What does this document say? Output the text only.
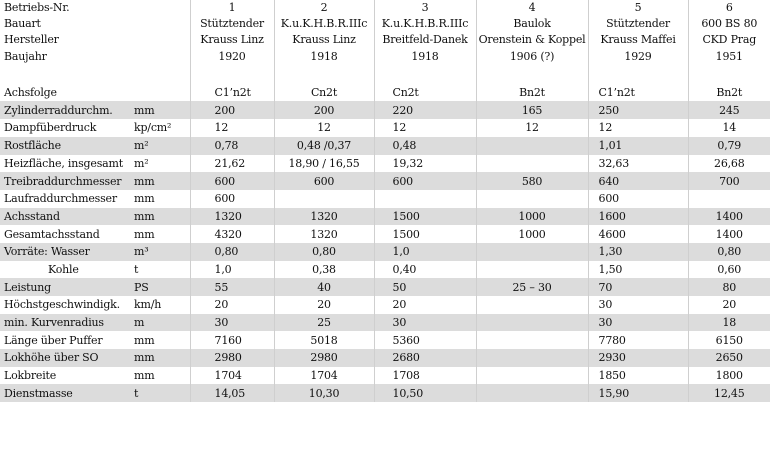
Betriebs-Nr.		1	2	3	4	5	6
Bauart		Stütztender	K.u.K.H.B.R.IIIc	K.u.K.H.B.R.IIIc	Baulok	Stütztender	600 BS 80
Hersteller		Krauss Linz	Krauss Linz	Breitfeld-Danek	Orenstein & Koppel	Krauss Maffei	CKD Prag
Baujahr		1920	1918	1918	1906 (?)	1929	1951

Achsfolge		C1’n2t	Cn2t	Cn2t	Bn2t	C1’n2t	Bn2t
Zylinderraddurchm.	mm	200	200	220	165	250	245
Dampfüberdruck	kp/cm²	12	12	12	12	12	14
Rostfläche	m²	0,78	0,48 /0,37	0,48		1,01	0,79
Heizfläche, insgesamt	m²	21,62	18,90 / 16,55	19,32		32,63	26,68
Treibraddurchmesser	mm	600	600	600	580	640	700
Laufraddurchmesser	mm	600				600	
Achsstand	mm	1320	1320	1500	1000	1600	1400
Gesamtachsstand	mm	4320	1320	1500	1000	4600	1400
Vorräte: Wasser	m³	0,80	0,80	1,0		1,30	0,80
Kohle	t	1,0	0,38	0,40		1,50	0,60
Leistung	PS	55	40	50	25 – 30	70	80
Höchstgeschwindigk.	km/h	20	20	20		30	20
min. Kurvenradius	m	30	25	30		30	18
Länge über Puffer	mm	7160	5018	5360		7780	6150
Lokhöhe über SO	mm	2980	2980	2680		2930	2650
Lokbreite	mm	1704	1704	1708		1850	1800
Dienstmasse	t	14,05	10,30	10,50		15,90	12,45
